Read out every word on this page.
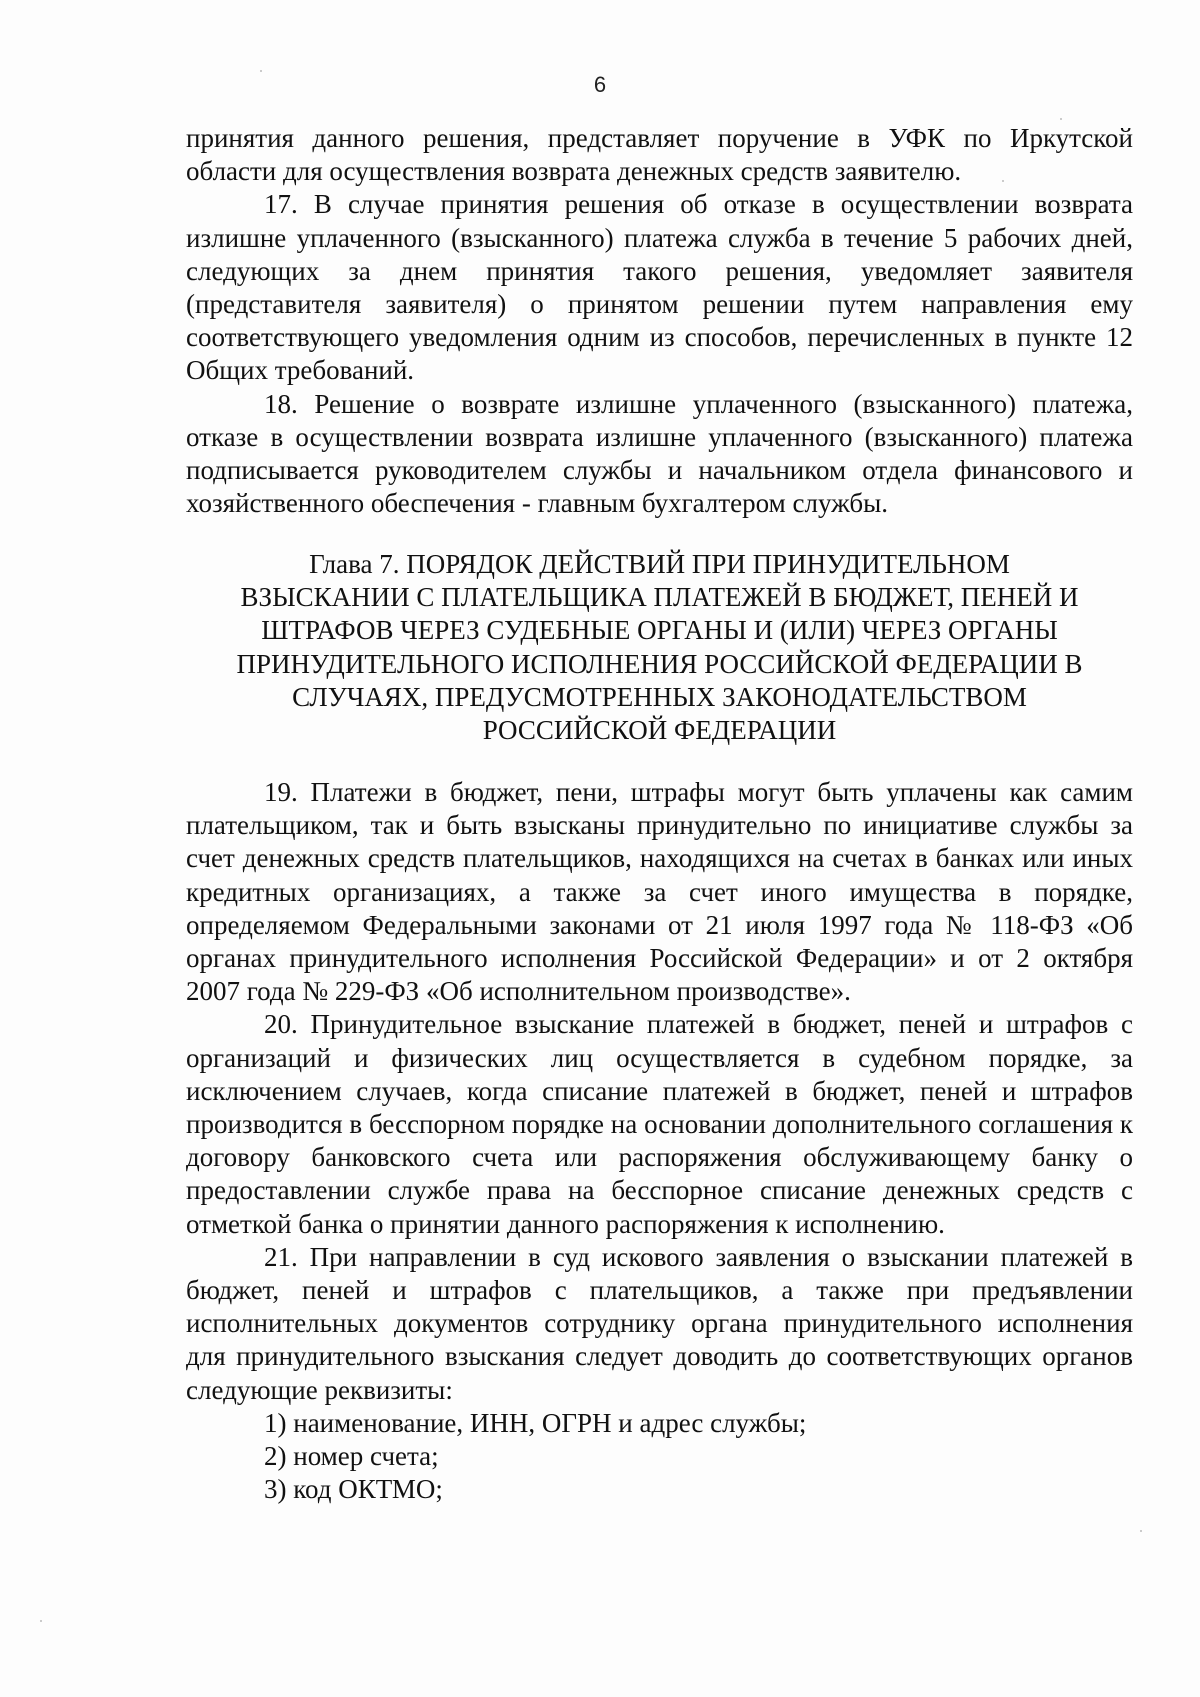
6

принятия данного решения, представляет поручение в УФК по Иркутской области для осуществления возврата денежных средств заявителю.

17. В случае принятия решения об отказе в осуществлении возврата излишне уплаченного (взысканного) платежа служба в течение 5 рабочих дней, следующих за днем принятия такого решения, уведомляет заявителя (представителя заявителя) о принятом решении путем направления ему соответствующего уведомления одним из способов, перечисленных в пункте 12 Общих требований.

18. Решение о возврате излишне уплаченного (взысканного) платежа, отказе в осуществлении возврата излишне уплаченного (взысканного) платежа подписывается руководителем службы и начальником отдела финансового и хозяйственного обеспечения - главным бухгалтером службы.

Глава 7. ПОРЯДОК ДЕЙСТВИЙ ПРИ ПРИНУДИТЕЛЬНОМ
ВЗЫСКАНИИ С ПЛАТЕЛЬЩИКА ПЛАТЕЖЕЙ В БЮДЖЕТ, ПЕНЕЙ И
ШТРАФОВ ЧЕРЕЗ СУДЕБНЫЕ ОРГАНЫ И (ИЛИ) ЧЕРЕЗ ОРГАНЫ
ПРИНУДИТЕЛЬНОГО ИСПОЛНЕНИЯ РОССИЙСКОЙ ФЕДЕРАЦИИ В
СЛУЧАЯХ, ПРЕДУСМОТРЕННЫХ ЗАКОНОДАТЕЛЬСТВОМ
РОССИЙСКОЙ ФЕДЕРАЦИИ

19. Платежи в бюджет, пени, штрафы могут быть уплачены как самим плательщиком, так и быть взысканы принудительно по инициативе службы за счет денежных средств плательщиков, находящихся на счетах в банках или иных кредитных организациях, а также за счет иного имущества в порядке, определяемом Федеральными законами от 21 июля 1997 года № 118-ФЗ «Об органах принудительного исполнения Российской Федерации» и от 2 октября 2007 года № 229-ФЗ «Об исполнительном производстве».

20. Принудительное взыскание платежей в бюджет, пеней и штрафов с организаций и физических лиц осуществляется в судебном порядке, за исключением случаев, когда списание платежей в бюджет, пеней и штрафов производится в бесспорном порядке на основании дополнительного соглашения к договору банковского счета или распоряжения обслуживающему банку о предоставлении службе права на бесспорное списание денежных средств с отметкой банка о принятии данного распоряжения к исполнению.

21. При направлении в суд искового заявления о взыскании платежей в бюджет, пеней и штрафов с плательщиков, а также при предъявлении исполнительных документов сотруднику органа принудительного исполнения для принудительного взыскания следует доводить до соответствующих органов следующие реквизиты:

1) наименование, ИНН, ОГРН и адрес службы;

2) номер счета;

3) код ОКТМО;
